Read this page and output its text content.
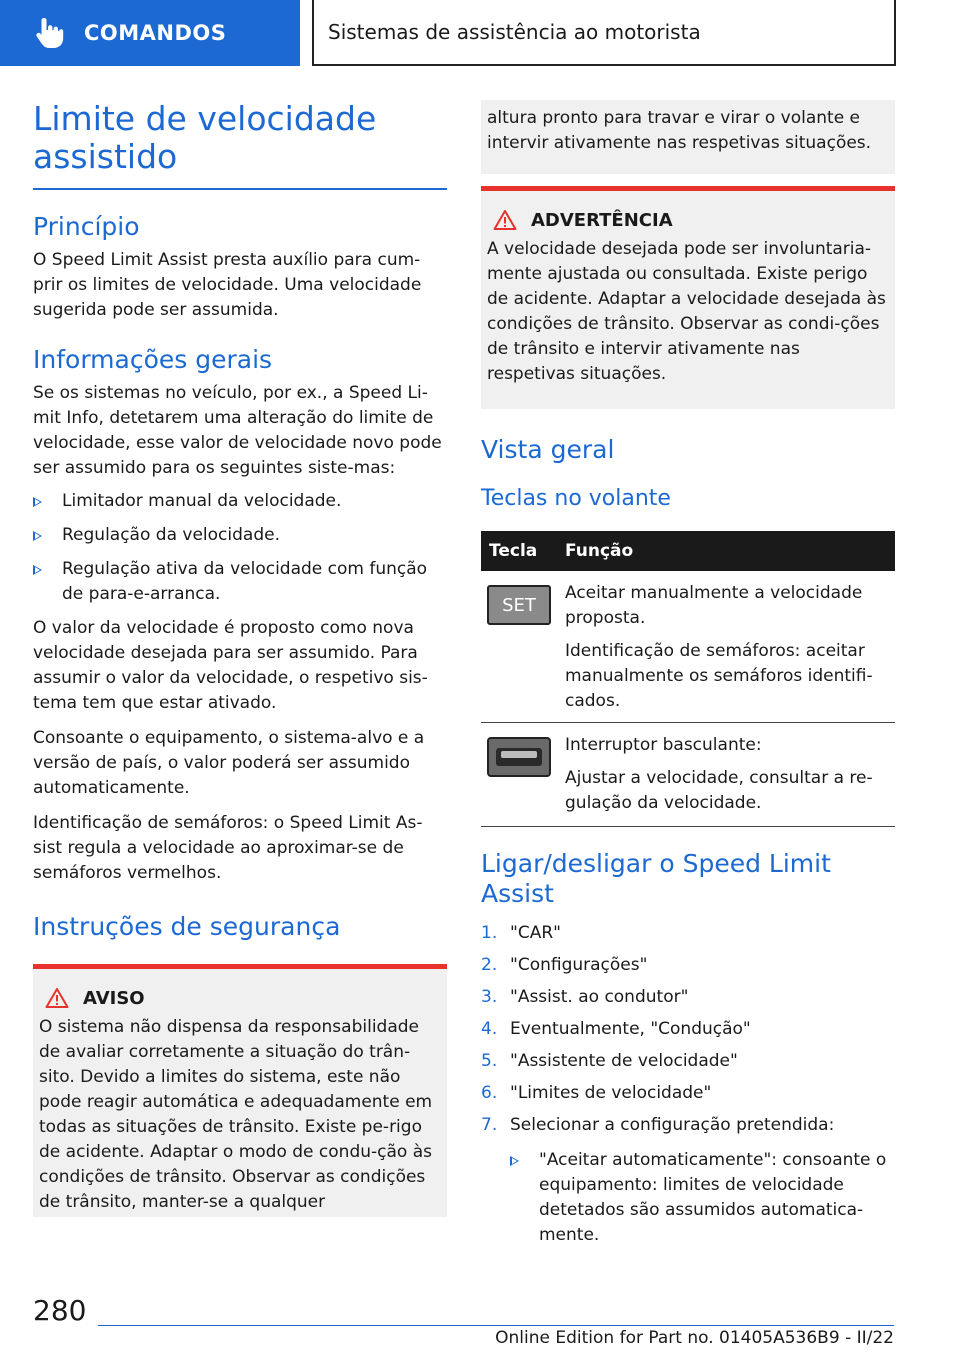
COMANDOS	Sistemas de assistência ao motorista
Limite de velocidade assistido
Princípio

O Speed Limit Assist presta auxílio para cum-prir os limites de velocidade. Uma velocidade sugerida pode ser assumida.

Informações gerais

Se os sistemas no veículo, por ex., a Speed Li-mit Info, detetarem uma alteração do limite de velocidade, esse valor de velocidade novo pode ser assumido para os seguintes siste-mas:

Limitador manual da velocidade.
Regulação da velocidade.
Regulação ativa da velocidade com função de para-e-arranca.

O valor da velocidade é proposto como nova velocidade desejada para ser assumido. Para assumir o valor da velocidade, o respetivo sis-tema tem que estar ativado.

Consoante o equipamento, o sistema-alvo e a versão de país, o valor poderá ser assumido automaticamente.

Identificação de semáforos: o Speed Limit As-sist regula a velocidade ao aproximar-se de semáforos vermelhos.

Instruções de segurança
AVISO

O sistema não dispensa da responsabilidade de avaliar corretamente a situação do trân-sito. Devido a limites do sistema, este não pode reagir automática e adequadamente em todas as situações de trânsito. Existe pe-rigo de acidente. Adaptar o modo de condu-ção às condições de trânsito. Observar as condições de trânsito, manter-se a qualquer

altura pronto para travar e virar o volante e intervir ativamente nas respetivas situações.

ADVERTÊNCIA

A velocidade desejada pode ser involuntaria-mente ajustada ou consultada. Existe perigo de acidente. Adaptar a velocidade desejada às condições de trânsito. Observar as condi-ções de trânsito e intervir ativamente nas respetivas situações.

Vista geral
Teclas no volante
Tecla	Função

SET	Aceitar manualmente a velocidade proposta.

Identificação de semáforos: aceitar manualmente os semáforos identifi-cados.

	Interruptor basculante:

Ajustar a velocidade, consultar a re-gulação da velocidade.

Ligar/desligar o Speed Limit Assist
1. "CAR"
2. "Configurações"
3. "Assist. ao condutor"
4. Eventualmente, "Condução"
5. "Assistente de velocidade"
6. "Limites de velocidade"
7. Selecionar a configuração pretendida:
"Aceitar automaticamente": consoante o equipamento: limites de velocidade detetados são assumidos automatica-mente.
280
Online Edition for Part no. 01405A536B9 - II/22
